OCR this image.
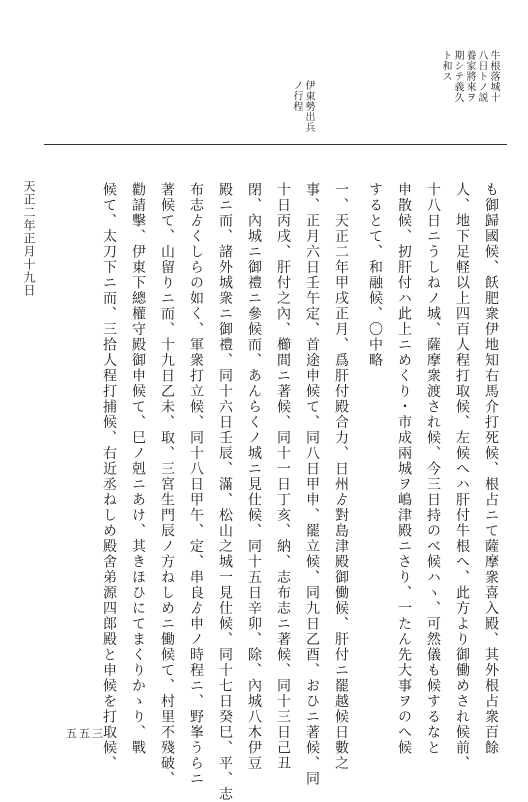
牛根落城十
八日トノ説
養家將來ヲ
期シテ義久
ト和ス
伊東勢出兵
ノ行程
も御歸國候、飫肥衆伊地知右馬介打死候、根占ニて薩摩衆喜入殿、其外根占衆百餘
人、地下足軽以上四百人程打取候、左候へハ肝付牛根へ、此方より御働めされ候前、
十八日ニうしねノ城、薩摩衆渡され候、今三日持のべ候ハヽ、可然儀も候するなと
申散候、扨肝付ハ此上ニめくり・市成兩城ヲ嶋津殿ニさり、一たん先大事ヲのへ候
するとて、和融候、〇中略
一、天正二年甲戌正月、爲肝付殿合力、日州ゟ對島津殿御働候、肝付ニ罷越候日數之
事、正月六日壬午定、首途申候て、同八日甲申、罷立候、同九日乙酉、おひニ著候、同
十日丙戌、肝付之內、櫛間ニ著候、同十一日丁亥、納、志布志ニ著候、同十三日己丑
閉、內城ニ御禮ニ參候而、あんらくノ城ニ見仕候、同十五日辛卯、除、內城八木伊豆
殿ニ而、諸外城衆ニ御禮、同十六日壬辰、滿、松山之城一見仕候、同十七日癸巳、平、志
布志ゟくしらの如く、軍衆打立候、同十八日甲午、定、串良ゟ申ノ時程ニ、野峯うらニ
著候て、山留りニ而、十九日乙未、取、三宮生門辰ノ方ねしめニ働候て、村里不殘破、
勸請擊、伊東下總權守殿御申候て、巳ノ剋ニあけ、其きほひにてまくりかゝり、戰
候て、太刀下ニ而、三拾人程打捕候、右近丞ねしめ殿舍弟源四郎殿と申候を打取候、
天正二年正月十九日
五五三
